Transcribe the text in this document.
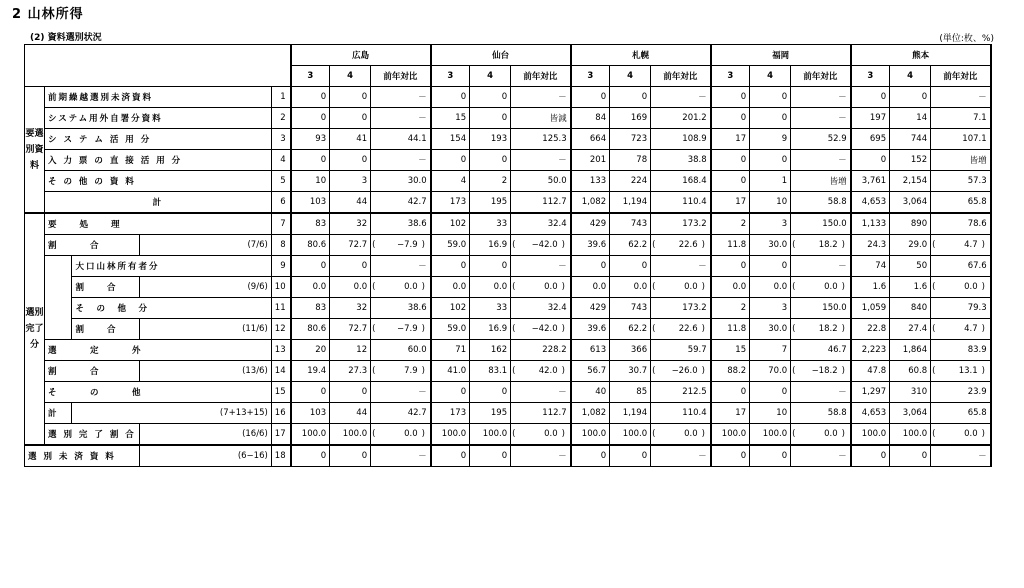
2 山林所得
(2) 資料選別状況	(単位:枚、%)
					広島					仙台					札幌					福岡					熊本				
					3	4	前年対比			3	4	前年対比			3	4	前年対比			3	4	前年対比			3	4	前年対比		
要選別資料	前期繰越選別未済資料			1	0	0	－			0	0	－			0	0	－			0	0	－			0	0	－		
	システム用外自署分資料			2	0	0	－			15	0	皆減			84	169	201.2			0	0	－			197	14	7.1		
	シ ス テ ム 活 用 分			3	93	41	44.1			154	193	125.3			664	723	108.9			17	9	52.9			695	744	107.1		
	入 力 票 の 直 接 活 用 分			4	0	0	－			0	0	－			201	78	38.8			0	0	－			0	152	皆増		
	そ の 他 の 資 料			5	10	3	30.0			4	2	50.0			133	224	168.4			0	1	皆増			3,761	2,154	57.3		
	計			6	103	44	42.7			173	195	112.7			1,082	1,194	110.4			17	10	58.8			4,653	3,064	65.8		
選別完了分	要　　処　　理			7	83	32	38.6			102	33	32.4			429	743	173.2			2	3	150.0			1,133	890	78.6		
	割　　　合		(7/6)	8	80.6	72.7	(	−7.9	)	59.0	16.9	(	−42.0	)	39.6	62.2	(	22.6	)	11.8	30.0	(	18.2	)	24.3	29.0	(	4.7	)
		大口山林所有者分		9	0	0	－			0	0	－			0	0	－			0	0	－			74	50	67.6		
		割　　合	(9/6)	10	0.0	0.0	(	0.0	)	0.0	0.0	(	0.0	)	0.0	0.0	(	0.0	)	0.0	0.0	(	0.0	)	1.6	1.6	(	0.0	)
		そ　の　他　分		11	83	32	38.6			102	33	32.4			429	743	173.2			2	3	150.0			1,059	840	79.3		
		割　　合	(11/6)	12	80.6	72.7	(	−7.9	)	59.0	16.9	(	−42.0	)	39.6	62.2	(	22.6	)	11.8	30.0	(	18.2	)	22.8	27.4	(	4.7	)
	選　　　定　　　外			13	20	12	60.0			71	162	228.2			613	366	59.7			15	7	46.7			2,223	1,864	83.9		
	割　　　合		(13/6)	14	19.4	27.3	(	7.9	)	41.0	83.1	(	42.0	)	56.7	30.7	(	−26.0	)	88.2	70.0	(	−18.2	)	47.8	60.8	(	13.1	)
	そ　　　の　　　他			15	0	0	－			0	0	－			40	85	212.5			0	0	－			1,297	310	23.9		
	計	(7+13+15)		16	103	44	42.7			173	195	112.7			1,082	1,194	110.4			17	10	58.8			4,653	3,064	65.8		
	選 別 完 了 割 合		(16/6)	17	100.0	100.0	(	0.0	)	100.0	100.0	(	0.0	)	100.0	100.0	(	0.0	)	100.0	100.0	(	0.0	)	100.0	100.0	(	0.0	)
選 別 未 済 資 料			(6−16)	18	0	0	－			0	0	－			0	0	－			0	0	－			0	0	－		
